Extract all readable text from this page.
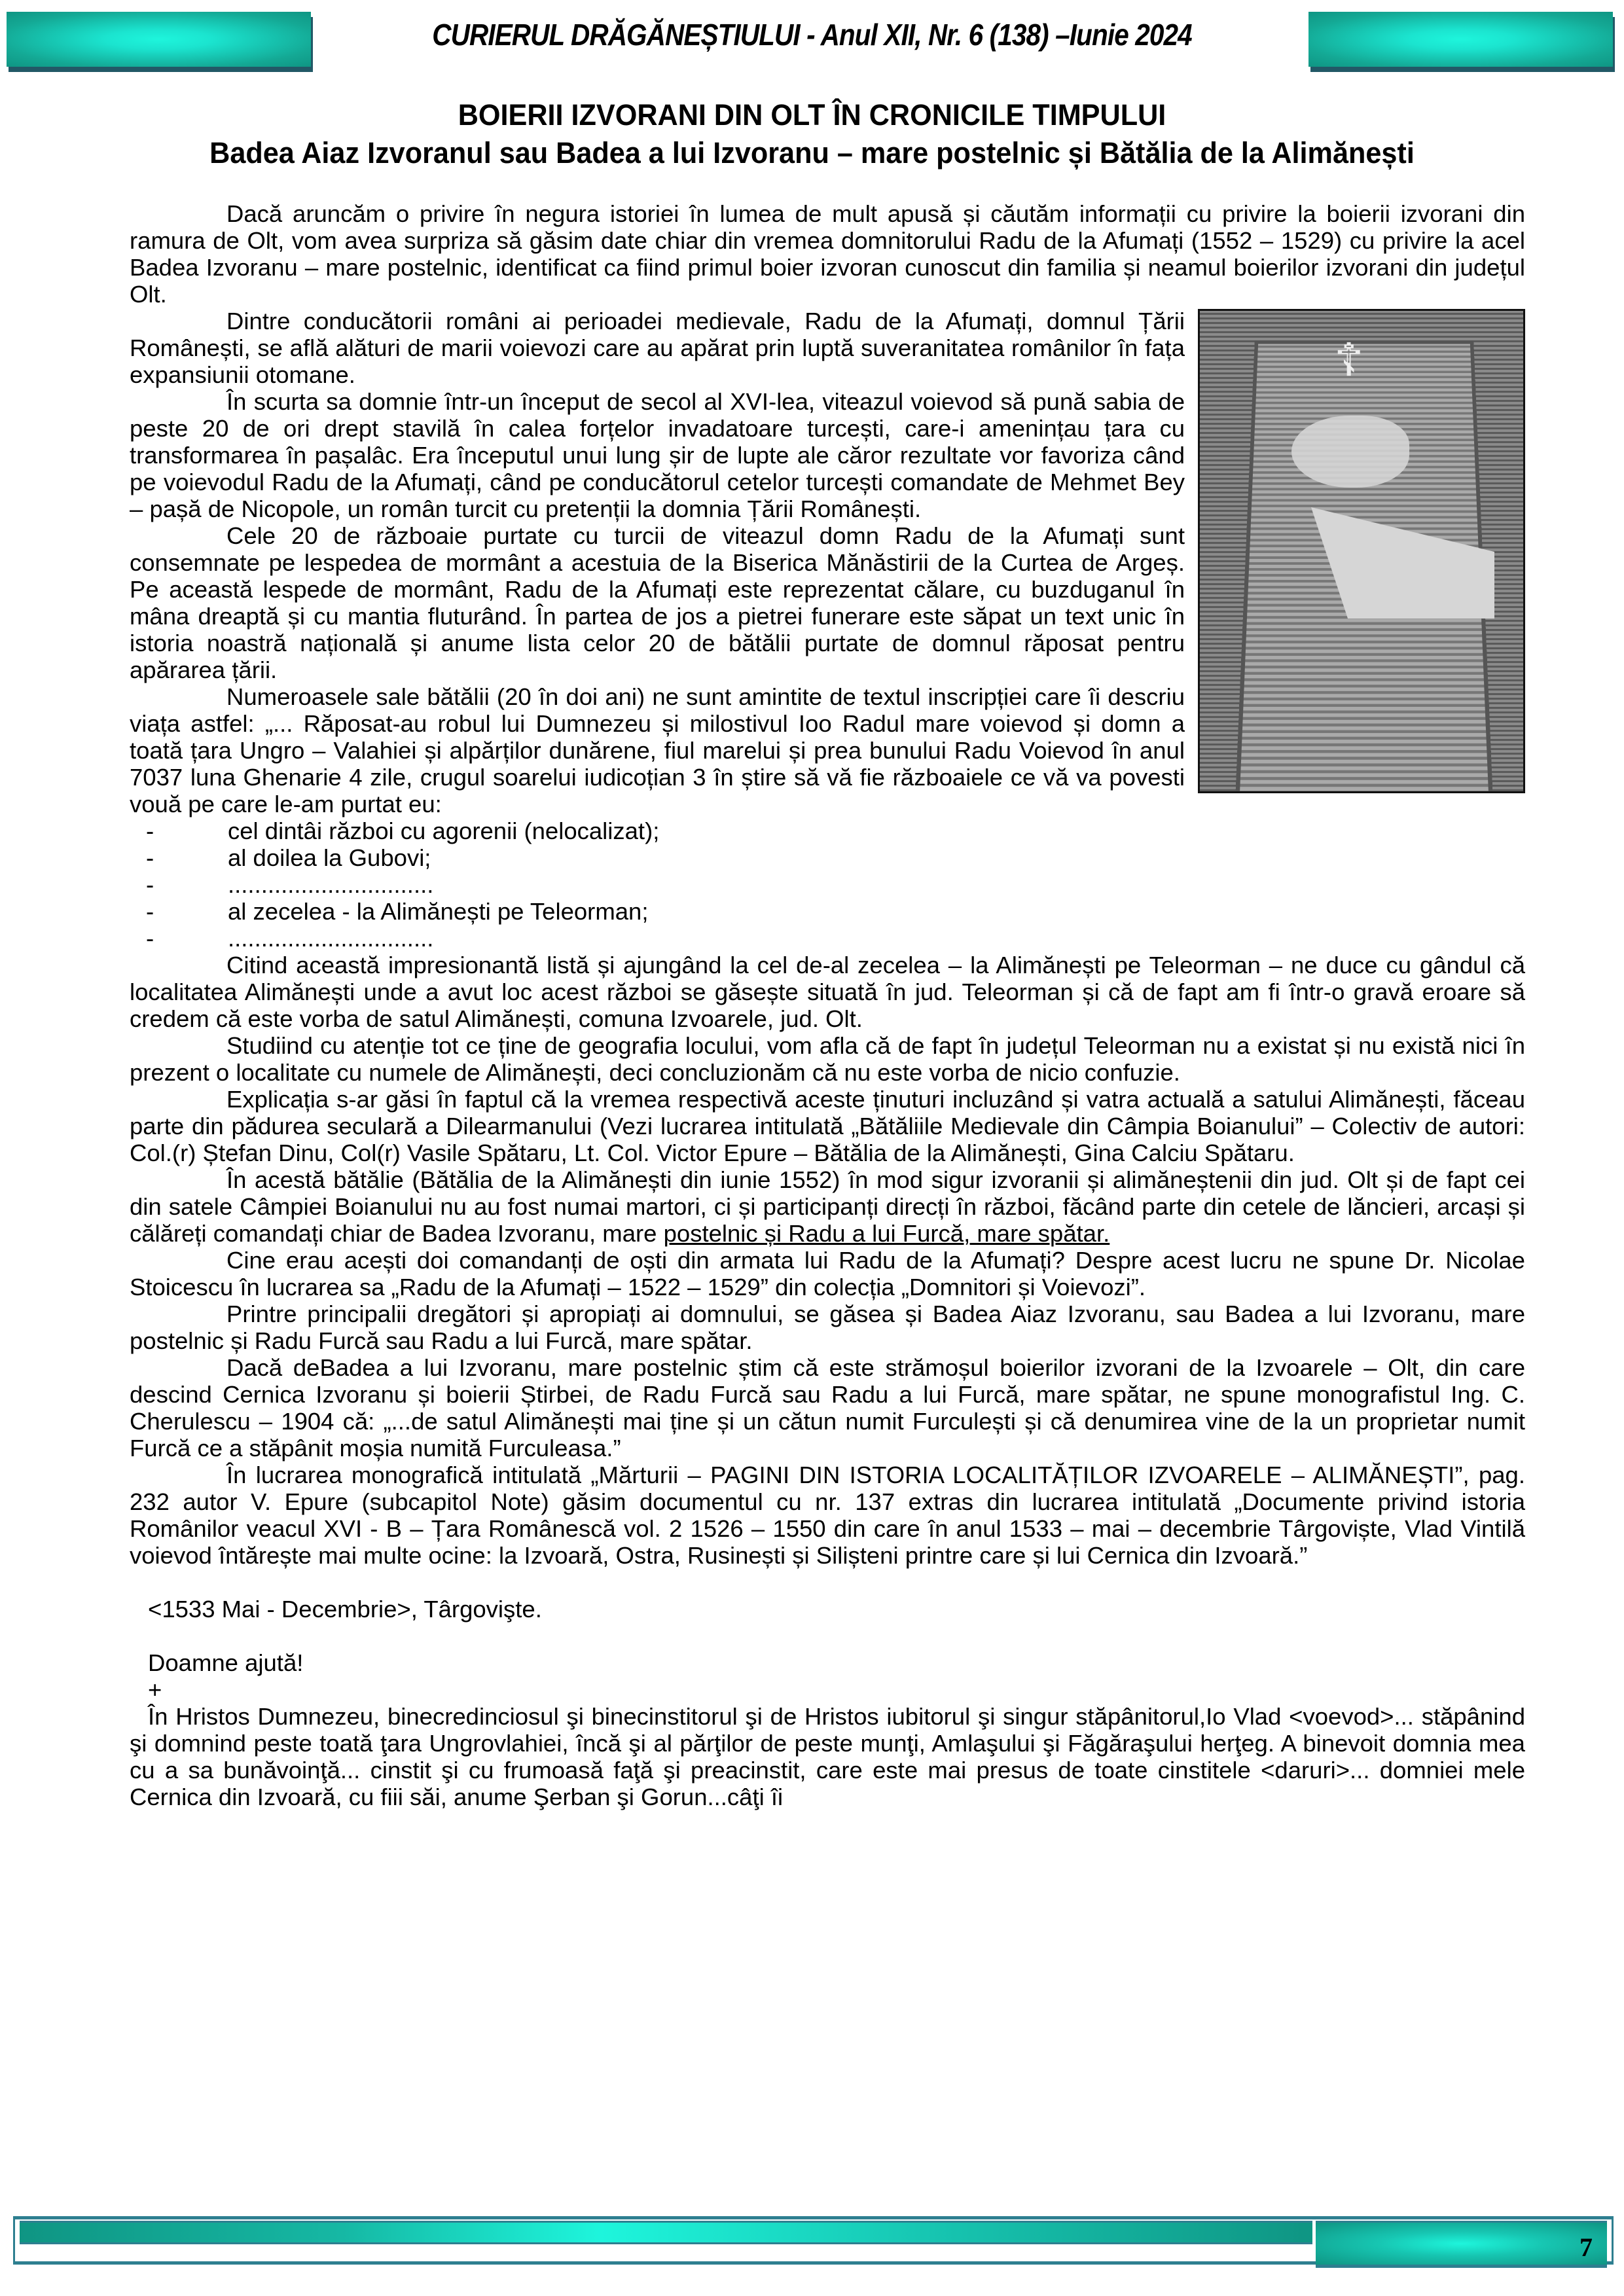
CURIERUL DRĂGĂNEȘTIULUI - Anul XII, Nr. 6 (138) –Iunie 2024
BOIERII IZVORANI DIN OLT ÎN CRONICILE TIMPULUI
Badea Aiaz Izvoranul sau Badea a lui Izvoranu – mare postelnic și Bătălia de la Alimănești

Dacă aruncăm o privire în negura istoriei în lumea de mult apusă și căutăm informații cu privire la boierii izvorani din ramura de Olt, vom avea surpriza să găsim date chiar din vremea domnitorului Radu de la Afumați (1552 – 1529) cu privire la acel Badea Izvoranu – mare postelnic, identificat ca fiind primul boier izvoran cunoscut din familia și neamul boierilor izvorani din județul Olt.

☦

Dintre conducătorii români ai perioadei medievale, Radu de la Afumați, domnul Țării Românești, se află alături de marii voievozi care au apărat prin luptă suveranitatea românilor în fața expansiunii otomane.

În scurta sa domnie într-un început de secol al XVI-lea, viteazul voievod să pună sabia de peste 20 de ori drept stavilă în calea forțelor invadatoare turcești, care-i amenințau țara cu transformarea în pașalâc. Era începutul unui lung șir de lupte ale căror rezultate vor favoriza când pe voievodul Radu de la Afumați, când pe conducătorul cetelor turcești comandate de Mehmet Bey – pașă de Nicopole, un român turcit cu pretenții la domnia Țării Românești.

Cele 20 de războaie purtate cu turcii de viteazul domn Radu de la Afumați sunt consemnate pe lespedea de mormânt a acestuia de la Biserica Mănăstirii de la Curtea de Argeș. Pe această lespede de mormânt, Radu de la Afumați este reprezentat călare, cu buzduganul în mâna dreaptă și cu mantia fluturând. În partea de jos a pietrei funerare este săpat un text unic în istoria noastră națională și anume lista celor 20 de bătălii purtate de domnul răposat pentru apărarea țării.

Numeroasele sale bătălii (20 în doi ani) ne sunt amintite de textul inscripției care îi descriu viața astfel: „... Răposat-au robul lui Dumnezeu și milostivul Ioo Radul mare voievod și domn a toată țara Ungro – Valahiei și alpărților dunărene, fiul marelui și prea bunului Radu Voievod în anul 7037 luna Ghenarie 4 zile, crugul soarelui iudicoțian 3 în știre să vă fie războaiele ce vă va povesti vouă pe care le-am purtat eu:

-	cel dintâi război cu agorenii (nelocalizat);
-	al doilea la Gubovi;
-	...............................
-	al zecelea - la Alimănești pe Teleorman;
-	...............................

Citind această impresionantă listă și ajungând la cel de-al zecelea – la Alimănești pe Teleorman – ne duce cu gândul că localitatea Alimănești unde a avut loc acest război se găsește situată în jud. Teleorman și că de fapt am fi într-o gravă eroare să credem că este vorba de satul Alimănești, comuna Izvoarele, jud. Olt.

Studiind cu atenție tot ce ține de geografia locului, vom afla că de fapt în județul Teleorman nu a existat și nu există nici în prezent o localitate cu numele de Alimănești, deci concluzionăm că nu este vorba de nicio confuzie.

Explicația s-ar găsi în faptul că la vremea respectivă aceste ținuturi incluzând și vatra actuală a satului Alimănești, făceau parte din pădurea seculară a Dilearmanului (Vezi lucrarea intitulată „Bătăliile Medievale din Câmpia Boianului” – Colectiv de autori: Col.(r) Ștefan Dinu, Col(r) Vasile Spătaru, Lt. Col. Victor Epure – Bătălia de la Alimănești, Gina Calciu Spătaru.

În acestă bătălie (Bătălia de la Alimănești din iunie 1552) în mod sigur izvoranii și alimăneștenii din jud. Olt și de fapt cei din satele Câmpiei Boianului nu au fost numai martori, ci și participanți direcți în război, făcând parte din cetele de lăncieri, arcași și călăreți comandați chiar de Badea Izvoranu, mare postelnic și Radu a lui Furcă, mare spătar.

Cine erau acești doi comandanți de oști din armata lui Radu de la Afumați? Despre acest lucru ne spune Dr. Nicolae Stoicescu în lucrarea sa „Radu de la Afumați – 1522 – 1529” din colecția „Domnitori și Voievozi”.

Printre principalii dregători și apropiați ai domnului, se găsea și Badea Aiaz Izvoranu, sau Badea a lui Izvoranu, mare postelnic și Radu Furcă sau Radu a lui Furcă, mare spătar.

Dacă deBadea a lui Izvoranu, mare postelnic știm că este strămoșul boierilor izvorani de la Izvoarele – Olt, din care descind Cernica Izvoranu și boierii Știrbei, de Radu Furcă sau Radu a lui Furcă, mare spătar, ne spune monografistul Ing. C. Cherulescu – 1904 că: „...de satul Alimănești mai ține și un cătun numit Furculești și că denumirea vine de la un proprietar numit Furcă ce a stăpânit moșia numită Furculeasa.”

În lucrarea monografică intitulată „Mărturii – PAGINI DIN ISTORIA LOCALITĂȚILOR IZVOARELE – ALIMĂNEȘTI”, pag. 232 autor V. Epure (subcapitol Note) găsim documentul cu nr. 137 extras din lucrarea intitulată „Documente privind istoria Românilor veacul XVI - B – Țara Românescă vol. 2 1526 – 1550 din care în anul 1533 – mai – decembrie Târgoviște, Vlad Vintilă voievod întărește mai multe ocine: la Izvoară, Ostra, Rusinești și Siliștеni printre care și lui Cernica din Izvoară.”

<1533 Mai - Decembrie>, Târgovişte.

Doamne ajută!

+

În Hristos Dumnezeu, binecredinciosul şi binecinstitorul şi de Hristos iubitorul şi singur stăpânitorul,Io Vlad <voevod>... stăpânind şi domnind peste toată ţara Ungrovlahiei, încă şi al părţilor de peste munţi, Amlaşului şi Făgăraşului herţeg. A binevoit domnia mea cu a sa bunăvoinţă... cinstit şi cu frumoasă faţă şi preacinstit, care este mai presus de toate cinstitele <daruri>... domniei mele Cernica din Izvoară, cu fiii săi, anume Şerban şi Gorun...câţi îi

7
